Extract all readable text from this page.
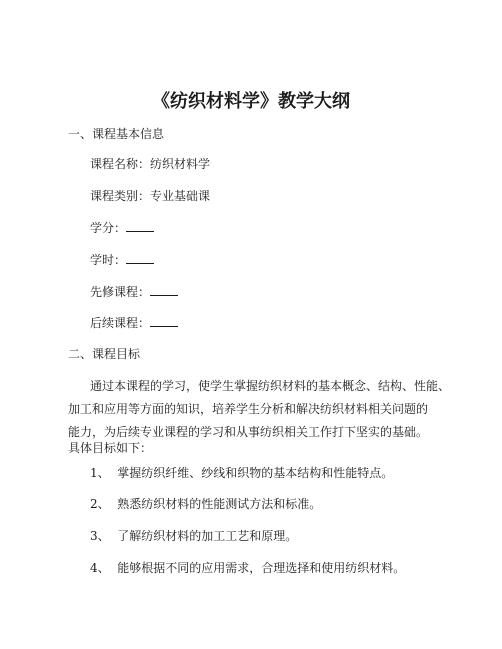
《纺织材料学》教学大纲
一、课程基本信息
课程名称：纺织材料学
课程类别：专业基础课
学分：
学时：
先修课程：
后续课程：
二、课程目标
通过本课程的学习，使学生掌握纺织材料的基本概念、结构、性能、
加工和应用等方面的知识，培养学生分析和解决纺织材料相关问题的
能力，为后续专业课程的学习和从事纺织相关工作打下坚实的基础。
具体目标如下：
1、 掌握纺织纤维、纱线和织物的基本结构和性能特点。
2、 熟悉纺织材料的性能测试方法和标准。
3、 了解纺织材料的加工工艺和原理。
4、 能够根据不同的应用需求，合理选择和使用纺织材料。
